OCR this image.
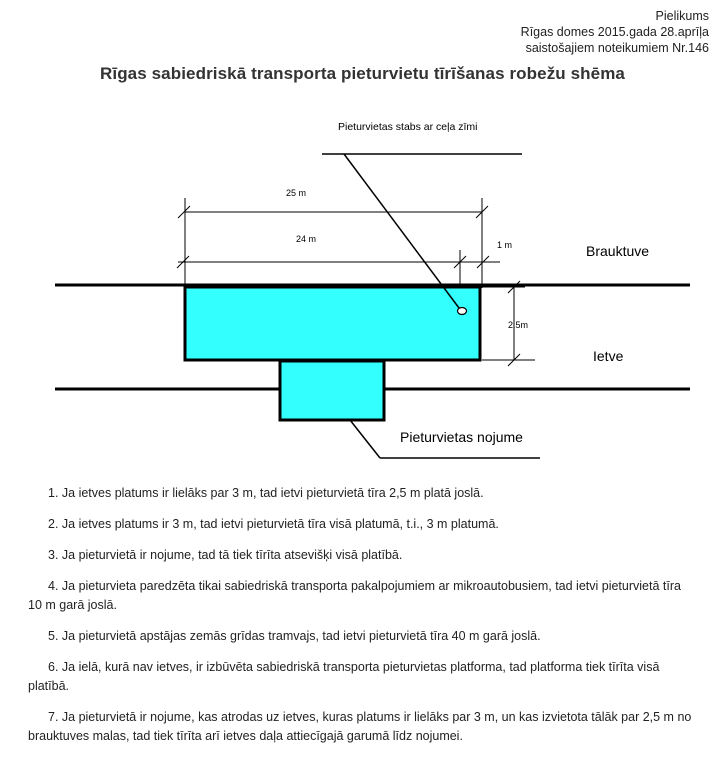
Pielikums
Rīgas domes 2015.gada 28.aprīļa
saistošajiem noteikumiem Nr.146
Rīgas sabiedriskā transporta pieturvietu tīrīšanas robežu shēma
25 m
24 m
1 m
2.5m
Pieturvietas stabs ar ceļa zīmi
Pieturvietas nojume
Brauktuve
Ietve

1. Ja ietves platums ir lielāks par 3 m, tad ietvi pieturvietā tīra 2,5 m platā joslā.

2. Ja ietves platums ir 3 m, tad ietvi pieturvietā tīra visā platumā, t.i., 3 m platumā.

3. Ja pieturvietā ir nojume, tad tā tiek tīrīta atsevišķi visā platībā.

4. Ja pieturvieta paredzēta tikai sabiedriskā transporta pakalpojumiem ar mikroautobusiem, tad ietvi pieturvietā tīra 10 m garā joslā.

5. Ja pieturvietā apstājas zemās grīdas tramvajs, tad ietvi pieturvietā tīra 40 m garā joslā.

6. Ja ielā, kurā nav ietves, ir izbūvēta sabiedriskā transporta pieturvietas platforma, tad platforma tiek tīrīta visā platībā.

7. Ja pieturvietā ir nojume, kas atrodas uz ietves, kuras platums ir lielāks par 3 m, un kas izvietota tālāk par 2,5 m no brauktuves malas, tad tiek tīrīta arī ietves daļa attiecīgajā garumā līdz nojumei.
